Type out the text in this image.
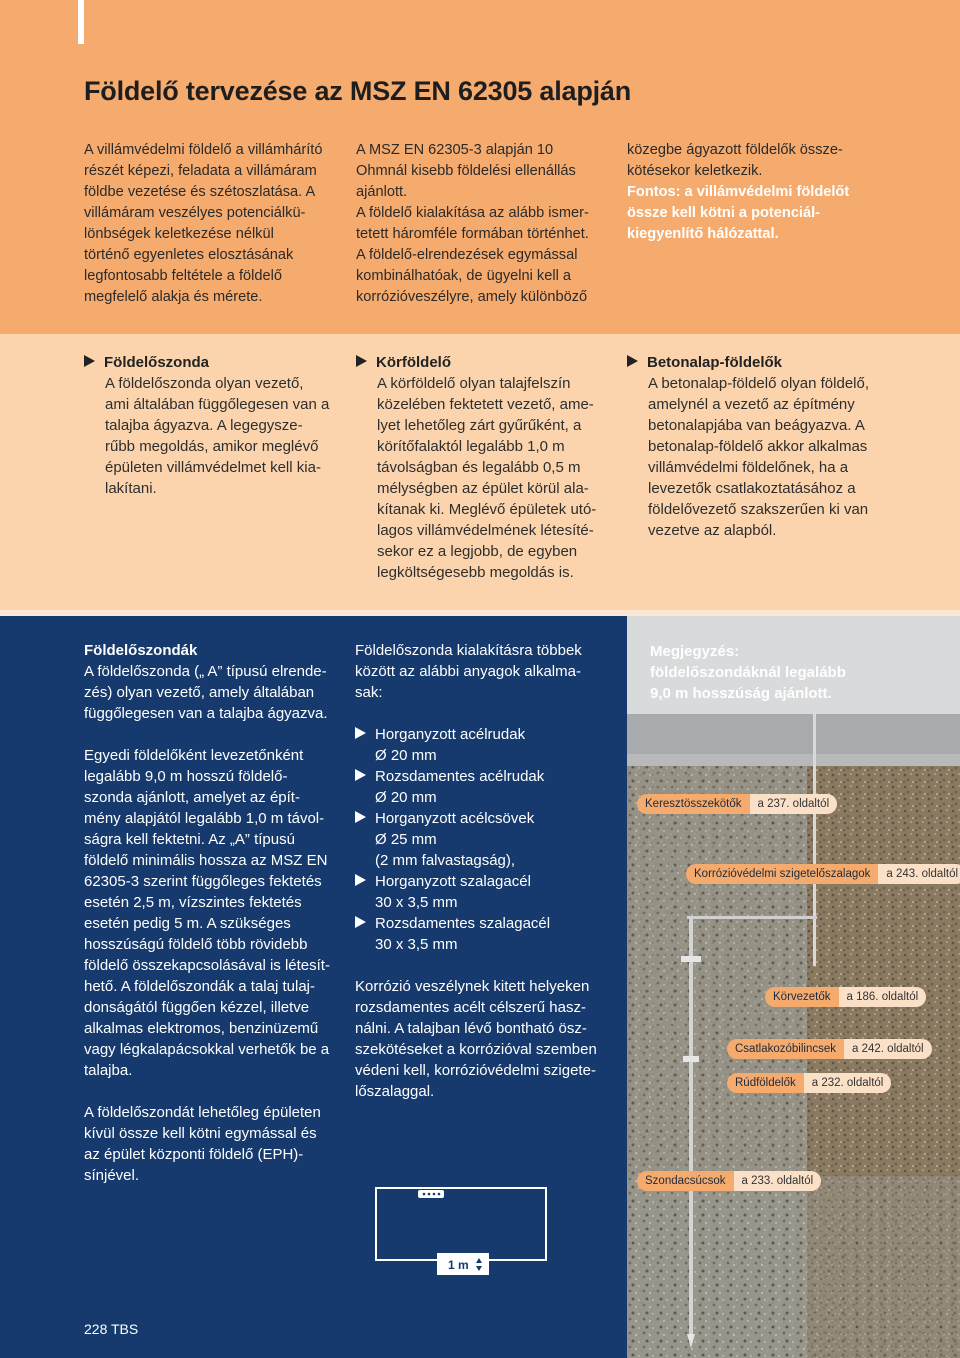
Földelő tervezése az MSZ EN 62305 alapján

A villámvédelmi földelő a villámhárító

részét képezi, feladata a villámáram

földbe vezetése és szétoszlatása. A

villámáram veszélyes potenciálkü-

lönbségek keletkezése nélkül

történő egyenletes elosztásának

legfontosabb feltétele a földelő

megfelelő alakja és mérete.

A MSZ EN 62305-3 alapján 10

Ohmnál kisebb földelési ellenállás

ajánlott.

A földelő kialakítása az alább ismer-

tetett háromféle formában történhet.

A földelő-elrendezések egymással

kombinálhatóak, de ügyelni kell a

korrózióveszélyre, amely különböző

közegbe ágyazott földelők össze-

kötésekor keletkezik.

Fontos: a villámvédelmi földelőt

össze kell kötni a potenciál-

kiegyenlítő hálózattal.

Földelőszonda

A földelőszonda olyan vezető,

ami általában függőlegesen van a

talajba ágyazva. A legegysze-

rűbb megoldás, amikor meglévő

épületen villámvédelmet kell kia-

lakítani.

Körföldelő

A körföldelő olyan talajfelszín

közelében fektetett vezető, ame-

lyet lehetőleg zárt gyűrűként, a

körítőfalaktól legalább 1,0 m

távolságban és legalább 0,5 m

mélységben az épület körül ala-

kítanak ki. Meglévő épületek utó-

lagos villámvédelmének létesíté-

sekor ez a legjobb, de egyben

legköltségesebb megoldás is.

Betonalap-földelők

A betonalap-földelő olyan földelő,

amelynél a vezető az építmény

betonalapjába van beágyazva. A

betonalap-földelő akkor alkalmas

villámvédelmi földelőnek, ha a

levezetők csatlakoztatásához a

földelővezető szakszerűen ki van

vezetve az alapból.

Földelőszondák

A földelőszonda („ A” típusú elrende-

zés) olyan vezető, amely általában

függőlegesen van a talajba ágyazva.

Egyedi földelőként levezetőnként

legalább 9,0 m hosszú földelő-

szonda ajánlott, amelyet az épít-

mény alapjától legalább 1,0 m távol-

ságra kell fektetni. Az „A” típusú

földelő minimális hossza az MSZ EN

62305-3 szerint függőleges fektetés

esetén 2,5 m, vízszintes fektetés

esetén pedig 5 m. A szükséges

hosszúságú földelő több rövidebb

földelő összekapcsolásával is létesít-

hető. A földelőszondák a talaj tulaj-

donságától függően kézzel, illetve

alkalmas elektromos, benzinüzemű

vagy légkalapácsokkal verhetők be a

talajba.

A földelőszondát lehetőleg épületen

kívül össze kell kötni egymással és

az épület központi földelő (EPH)-

sínjével.

Földelőszonda kialakításra többek

között az alábbi anyagok alkalma-

sak:

Horganyzott acélrudak

Ø 20 mm

Rozsdamentes acélrudak

Ø 20 mm

Horganyzott acélcsövek

Ø 25 mm

(2 mm falvastagság),

Horganyzott szalagacél

30 x 3,5 mm

Rozsdamentes szalagacél

30 x 3,5 mm

Korrózió veszélynek kitett helyeken

rozsdamentes acélt célszerű hasz-

nálni. A talajban lévő bontható ösz-

szekötéseket a korrózióval szemben

védeni kell, korrózióvédelmi szigete-

lőszalaggal.

1 m

Megjegyzés:

földelőszondáknál legalább

9,0 m hosszúság ajánlott.

Keresztösszekötők	a 237. oldaltól
Korrózióvédelmi szigetelőszalagok	a 243. oldaltól
Körvezetők	a 186. oldaltól
Csatlakozóbilincsek	a 242. oldaltól
Rúdföldelők	a 232. oldaltól
Szondacsúcsok	a 233. oldaltól
228 TBS
